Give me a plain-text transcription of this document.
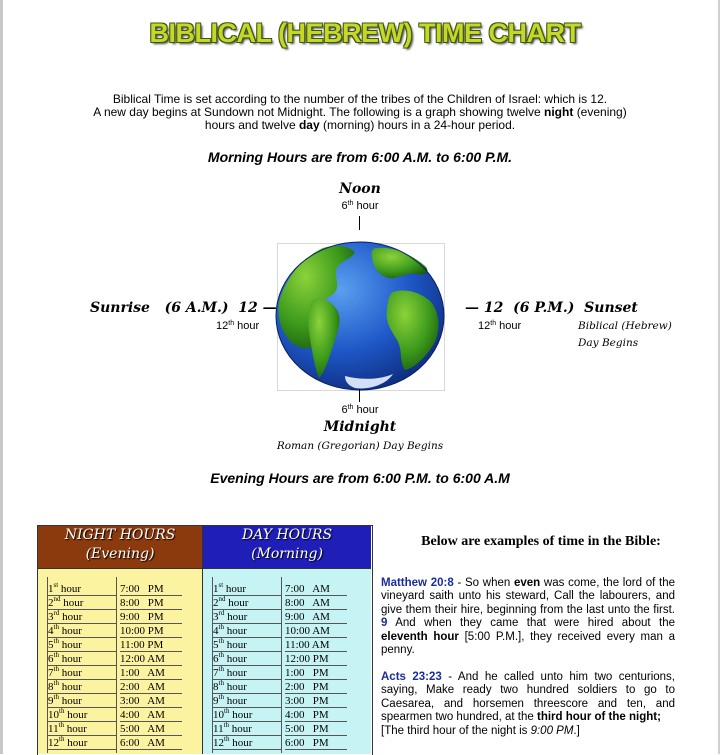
BIBLICAL (HEBREW) TIME CHART
Biblical Time is set according to the number of the tribes of the Children of Israel: which is 12.
A new day begins at Sundown not Midnight. The following is a graph showing twelve night (evening)
hours and twelve day (morning) hours in a 24-hour period.
Morning Hours are from 6:00 A.M. to 6:00 P.M.
Noon
6th hour
Sunrise   (6 A.M.)  12 —
12th hour
— 12  (6 P.M.)  Sunset
12th hour	Biblical (Hebrew)
Day Begins
6th hour
Midnight
Roman (Gregorian) Day Begins
Evening Hours are from 6:00 P.M. to 6:00 A.M
NIGHT HOURS
(Evening)
DAY HOURS
(Morning)
1st hour	7:00   PM
2nd hour	8:00   PM
3rd hour	9:00   PM
4th hour	10:00 PM
5th hour	11:00 PM
6th hour	12:00 AM
7th hour	1:00   AM
8th hour	2:00   AM
9th hour	3:00   AM
10th hour	4:00   AM
11th hour	5:00   AM
12th hour	6:00   AM
1st hour	7:00   AM
2nd hour	8:00   AM
3rd hour	9:00   AM
4th hour	10:00 AM
5th hour	11:00 AM
6th hour	12:00 PM
7th hour	1:00   PM
8th hour	2:00   PM
9th hour	3:00   PM
10th hour	4:00   PM
11th hour	5:00   PM
12th hour	6:00   PM
Below are examples of time in the Bible:
Matthew 20:8 - So when even was come, the lord of the vineyard saith unto his steward, Call the labourers, and give them their hire, beginning from the last unto the first. 9 And when they came that were hired about the eleventh hour [5:00 P.M.], they received every man a penny.
Acts 23:23 - And he called unto him two centurions, saying, Make ready two hundred soldiers to go to Caesarea, and horsemen threescore and ten, and spearmen two hundred, at the third hour of the night;
[The third hour of the night is 9:00 PM.]
